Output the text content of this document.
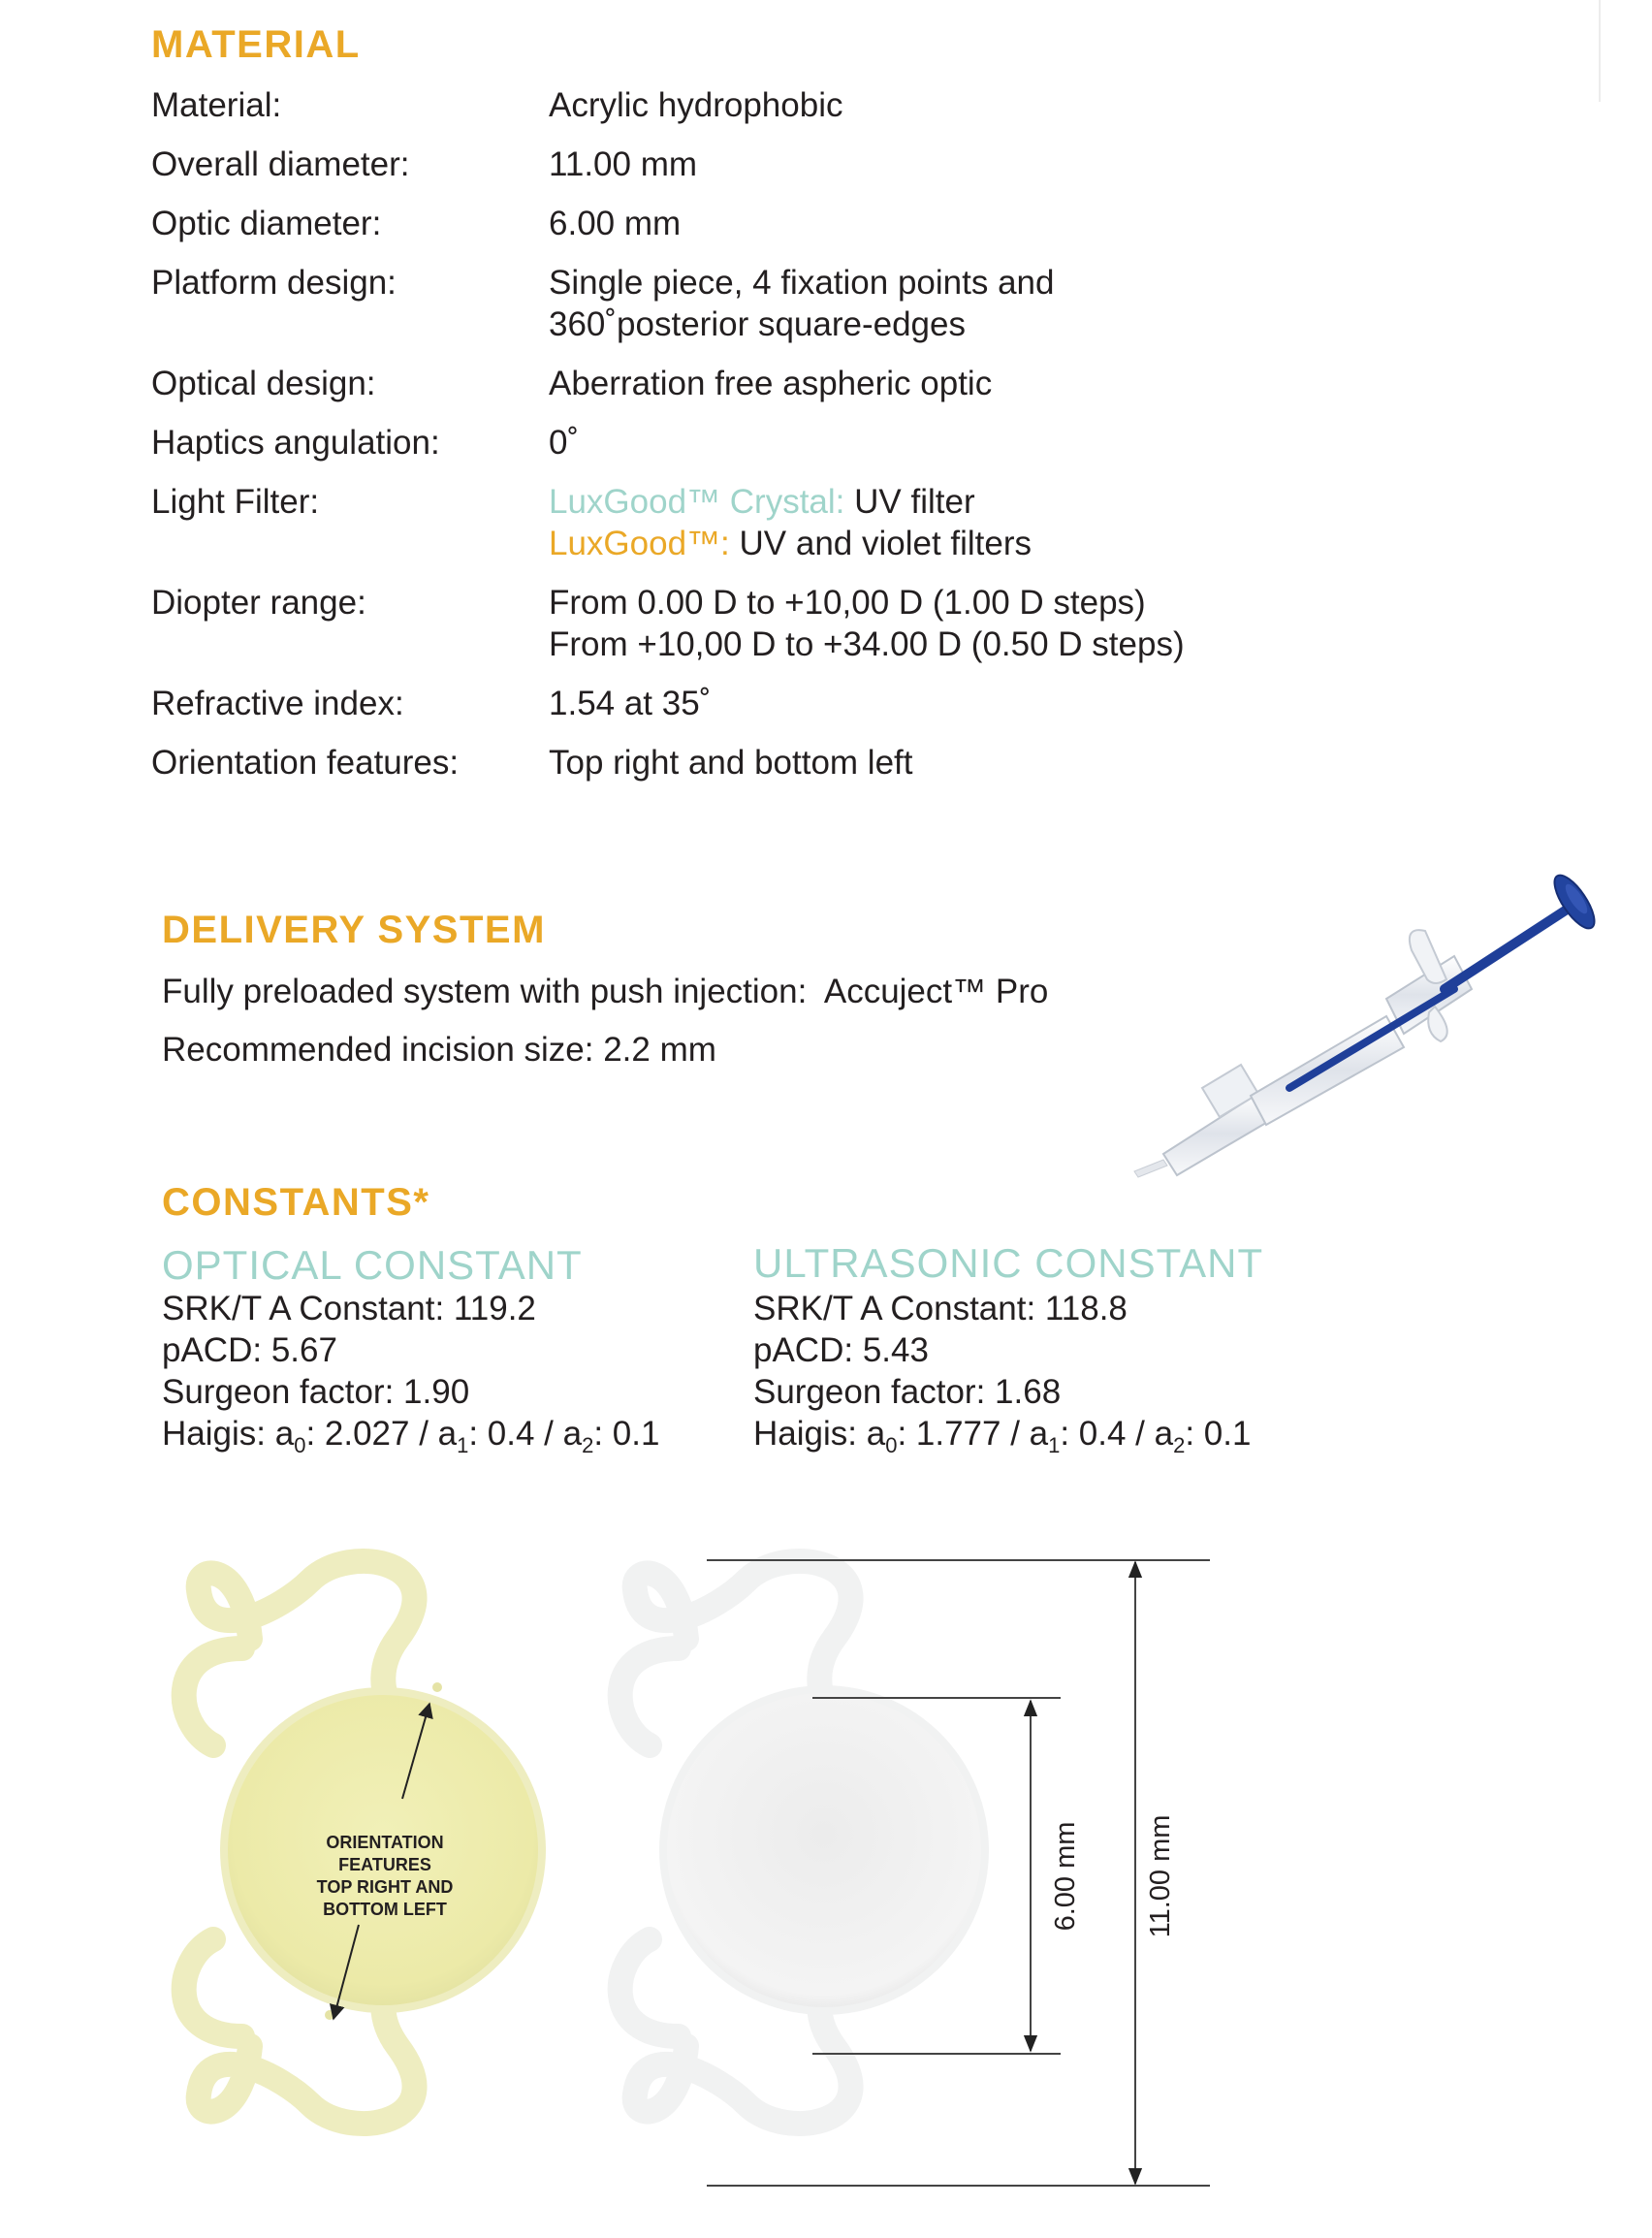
MATERIAL
Material:	Acrylic hydrophobic
Overall diameter:	11.00 mm
Optic diameter:	6.00 mm
Platform design:	Single piece, 4 fixation points and
360˚posterior square-edges
Optical design:	Aberration free aspheric optic
Haptics angulation:	0˚
Light Filter:	LuxGood™ Crystal: UV filter
LuxGood™: UV and violet filters
Diopter range:	From 0.00 D to +10,00 D (1.00 D steps)
From +10,00 D to +34.00 D (0.50 D steps)
Refractive index:	1.54 at 35˚
Orientation features:	Top right and bottom left
DELIVERY SYSTEM
Fully preloaded system with push injection:  Accuject™ Pro
Recommended incision size: 2.2 mm
CONSTANTS*
OPTICAL CONSTANT
SRK/T A Constant: 119.2
pACD: 5.67
Surgeon factor: 1.90
Haigis: $a_0$: $2.027 / a_1$: $0.4 / a_2$: 0.1
ULTRASONIC CONSTANT
SRK/T A Constant: 118.8
pACD: 5.43
Surgeon factor: 1.68
Haigis: $a_0$: $1.777 / a_1$: $0.4 / a_2$: 0.1
ORIENTATION
FEATURES
TOP RIGHT AND
BOTTOM LEFT	6.00 mm 11.00 mm
